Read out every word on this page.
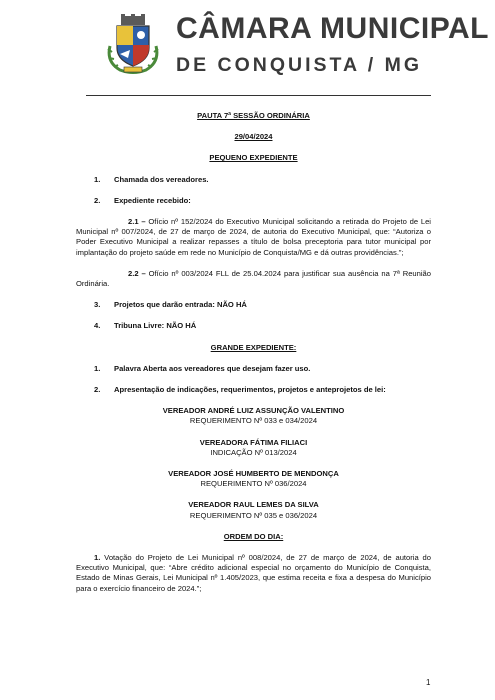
CÂMARA MUNICIPAL
DE CONQUISTA / MG
PAUTA 7ª SESSÃO ORDINÁRIA
29/04/2024
PEQUENO EXPEDIENTE
1.	Chamada dos vereadores.
2.	Expediente recebido:
2.1 – Ofício nº 152/2024 do Executivo Municipal solicitando a retirada do Projeto de Lei Municipal nº 007/2024, de 27 de março de 2024, de autoria do Executivo Municipal, que: “Autoriza o Poder Executivo Municipal a realizar repasses a título de bolsa preceptoria para tutor municipal por implantação do projeto saúde em rede no Município de Conquista/MG e dá outras providências.”;
2.2 – Ofício nº 003/2024 FLL de 25.04.2024 para justificar sua ausência na 7ª Reunião Ordinária.
3.	Projetos que darão entrada: NÃO HÁ
4.	Tribuna Livre: NÃO HÁ
GRANDE EXPEDIENTE:
1.	Palavra Aberta aos vereadores que desejam fazer uso.
2.	Apresentação de indicações, requerimentos, projetos e anteprojetos de lei:
VEREADOR ANDRÉ LUIZ ASSUNÇÃO VALENTINO
REQUERIMENTO Nº 033 e 034/2024
VEREADORA FÁTIMA FILIACI
INDICAÇÃO Nº 013/2024
VEREADOR JOSÉ HUMBERTO DE MENDONÇA
REQUERIMENTO Nº 036/2024
VEREADOR RAUL LEMES DA SILVA
REQUERIMENTO Nº 035 e 036/2024
ORDEM DO DIA:
1. Votação do Projeto de Lei Municipal nº 008/2024, de 27 de março de 2024, de autoria do Executivo Municipal, que: “Abre crédito adicional especial no orçamento do Município de Conquista, Estado de Minas Gerais, Lei Municipal nº 1.405/2023, que estima receita e fixa a despesa do Município para o exercício financeiro de 2024.”;
1
